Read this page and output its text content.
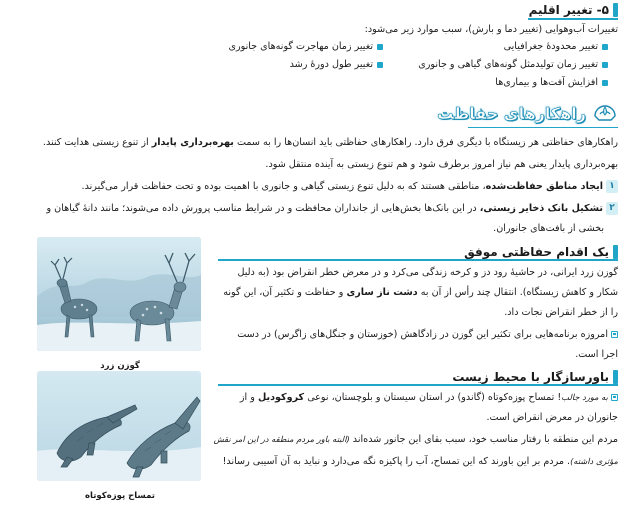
۵- تغییر اقلیم
تغییرات آب‌وهوایی (تغییر دما و بارش)، سبب موارد زیر می‌شود:
تغییر محدودهٔ جغرافیایی
تغییر زمان مهاجرت گونه‌های جانوری
تغییر زمان تولیدمثل گونه‌های گیاهی و جانوری
تغییر طول دورهٔ رشد
افزایش آفت‌ها و بیماری‌ها
راهکارهای حفاظت
راهکارهای حفاظتی هر زیستگاه با دیگری فرق دارد. راهکارهای حفاظتی باید انسان‌ها را به سمت بهره‌برداری پایدار از تنوع زیستی هدایت کنند.
بهره‌برداری پایدار یعنی هم نیاز امروز برطرف شود و هم تنوع زیستی به آینده منتقل شود.
۱ایجاد مناطق حفاظت‌شده، مناطقی هستند که به دلیل تنوع زیستی گیاهی و جانوری با اهمیت بوده و تحت حفاظت قرار می‌گیرند.
۲تشکیل بانک ذخایر زیستی، در این بانک‌ها بخش‌هایی از جانداران محافظت و در شرایط مناسب پرورش داده می‌شوند؛ مانند دانهٔ گیاهان و
بخشی از بافت‌های جانوران.
یک اقدام حفاظتی موفق
گوزن زرد ایرانی، در حاشیهٔ رود دز و کرخه زندگی می‌کرد و در معرض خطر انقراض بود (به دلیل
شکار و کاهش زیستگاه). انتقال چند رأس از آن به دشت ناز ساری و حفاظت و تکثیر آن، این گونه
را از خطر انقراض نجات داد.
امروزه برنامه‌هایی برای تکثیر این گوزن در زادگاهش (خوزستان و جنگل‌های زاگرس) در دست
اجرا است.
گوزن زرد
باورسازگار با محیط زیست
به مورد جالب! تمساح پوزه‌کوتاه (گاندو) در استان سیستان و بلوچستان، نوعی کروکودیل و از
جانوران در معرض انقراض است.
مردم این منطقه با رفتار مناسب خود، سبب بقای این جانور شده‌اند (البته باور مردم منطقه در این امر نقش
مؤثری داشته). مردم بر این باورند که این تمساح، آب را پاکیزه نگه می‌دارد و نباید به آن آسیبی رساند!
تمساح پوزه‌کوتاه
